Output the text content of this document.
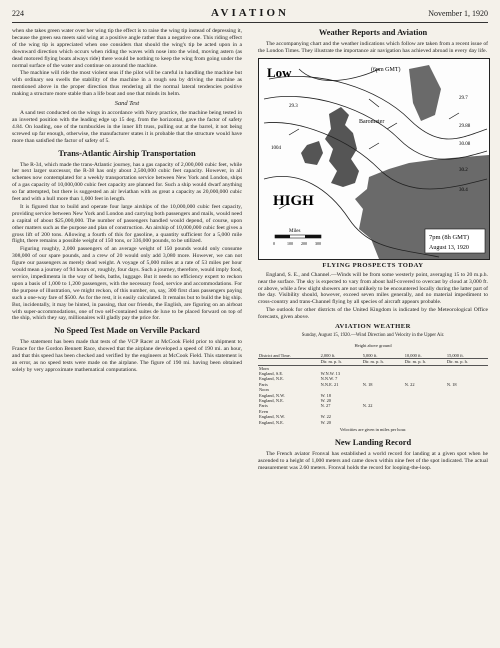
224	AVIATION	November 1, 1920

when she takes green water over her wing tip the effect is to raise the wing tip instead of depressing it, because the green sea meets said wing at a positive angle rather than a negative one. This riding effect of the wing tip is appreciated when one considers that should the wing's tip be acted upon in a downward direction which occurs when riding the waves with nose into the wind, moving astern (as dead motored flying boats always ride) there would be nothing to keep the wing from going under the normal surface of the water and continue on around the machine.

The machine will ride the most violent seas if the pilot will be careful in handling the machine but with ordinary sea swells the stability of the machine in a rough sea by driving the machine as mentioned above in the proper direction thus rendering all the normal lateral tendencies positive making a structure more stable than a life boat and one that minds its helm.

Sand Test

A sand test conducted on the wings in accordance with Navy practice, the machine being tested in an inverted position with the leading edge up 15 deg. from the horizontal, gave the factor of safety 4.84. On loading, one of the turnbuckles in the inner lift truss, pulling out at the barrel, it not being screwed up far enough, otherwise, the manufacturer states it is probable that the structure would have more than satisfied the factor of safety of 5.

Trans-Atlantic Airship Transportation

The R-34, which made the trans-Atlantic journey, has a gas capacity of 2,000,000 cubic feet, while her next larger successor, the R-38 has only about 2,500,000 cubic feet capacity. However, in all schemes now contemplated for a weekly transportation service between New York and London, ships of a gas capacity of 10,000,000 cubic feet capacity are planned for. Such a ship would dwarf anything so far attempted, but there is suggested an air leviathan with as great a capacity as 20,000,000 cubic feet and with a hull more than 1,000 feet in length.

It is figured that to build and operate four large airships of the 10,000,000 cubic feet capacity, providing service between New York and London and carrying both passengers and mails, would need a capital of about $25,000,000. The number of passengers handled would depend, of course, upon other matters such as the purpose and plan of construction. An airship of 10,000,000 cubic feet gives a gross lift of 200 tons. Allowing a fourth of this for gasoline, a quantity sufficient for a 5,000 mile flight, there remains a possible weight of 150 tons, or 336,000 pounds, to be utilized.

Figuring roughly, 2,000 passengers of an average weight of 150 pounds would only consume 308,000 of our spare pounds, and a crew of 20 would only add 3,080 more. However, we can not figure our passengers as merely dead weight. A voyage of 5,000 miles at a rate of 53 miles per hour would mean a journey of 94 hours or, roughly, four days. Such a journey, therefore, would imply food, service, impedimenta in the way of beds, baths, luggage. But it needs no efficiency expert to reckon upon a basis of 1,000 to 1,200 passengers, with the necessary food, service and accommodations. For the purpose of illustration, we might reckon, of this number, on, say, 300 first class passengers paying such a one-way fare of $500. As for the rest, it is easily calculated. It remains but to build the big ship. But, incidentally, it may be hinted, in passing, that our friends, the English, are figuring on an airboat with super-accommodations, one of two self-contained suites de luxe to be placed forward on top of the ship, which they say, millionaires will gladly pay the price for.

No Speed Test Made on Verville Packard

The statement has been made that tests of the VCP Racer at McCook Field prior to shipment to France for the Gordon Bennett Race, showed that the airplane developed a speed of 190 mi. an hour, and that this speed has been checked and verified by the engineers at McCook Field. This statement is an error, as no speed tests were made on the airplane. The figure of 190 mi. having been obtained solely by very approximate mathematical computations.

Weather Reports and Aviation

The accompanying chart and the weather indications which follow are taken from a recent issue of the London Times. They illustrate the importance air navigation has achieved abroad in every day life.

Low	(6pm GMT)
Barometer
29.3
29.7
29.88
30.08
1004
30.2
30.4
HIGH
Miles
0	100 200 300
7pm (8h GMT)
August 13, 1920
FLYING PROSPECTS TODAY

England, S. E., and Channel.—Winds will be from some westerly point, averaging 15 to 20 m.p.h. near the surface. The sky is expected to vary from about half-covered to overcast by cloud at 3,000 ft. or above, while a few slight showers are not unlikely to be encountered locally during the latter part of the day. Visibility should, however, exceed seven miles generally, and no material impediment to cross-country and trans-Channel flying by all species of aircraft appears probable.

The outlook for other districts of the United Kingdom is indicated by the Meteorological Office forecasts, given above.

AVIATION WEATHER
Sunday, August 15, 1920.—Wind Direction and Velocity in the Upper Air.
Height above ground
District and Time.	2,000 ft.	5,000 ft.	10,000 ft.	15,000 ft.
	Dir. m. p. h.	Dir. m. p. h.	Dir. m. p. h.	Dir. m. p. h.
Morn				
England, S.E.	W.N.W. 13			
England, N.E.	N.N.W. 7			
Paris	N.N.E. 21	N. 18	N. 22	N. 18
Noon				
England, N.W.	W. 18			
England, N.E.	W. 20			
Paris	N. 27	N. 22		
Even				
England, N.W.	W. 22			
England, N.E.	W. 20			
Velocities are given in miles per hour.
New Landing Record

The French aviator Fronval has established a world record for landing at a given spot when he ascended to a height of 1,000 meters and came down within nine feet of the spot indicated. The actual measurement was 2.60 meters. Fronval holds the record for looping-the-loop.
